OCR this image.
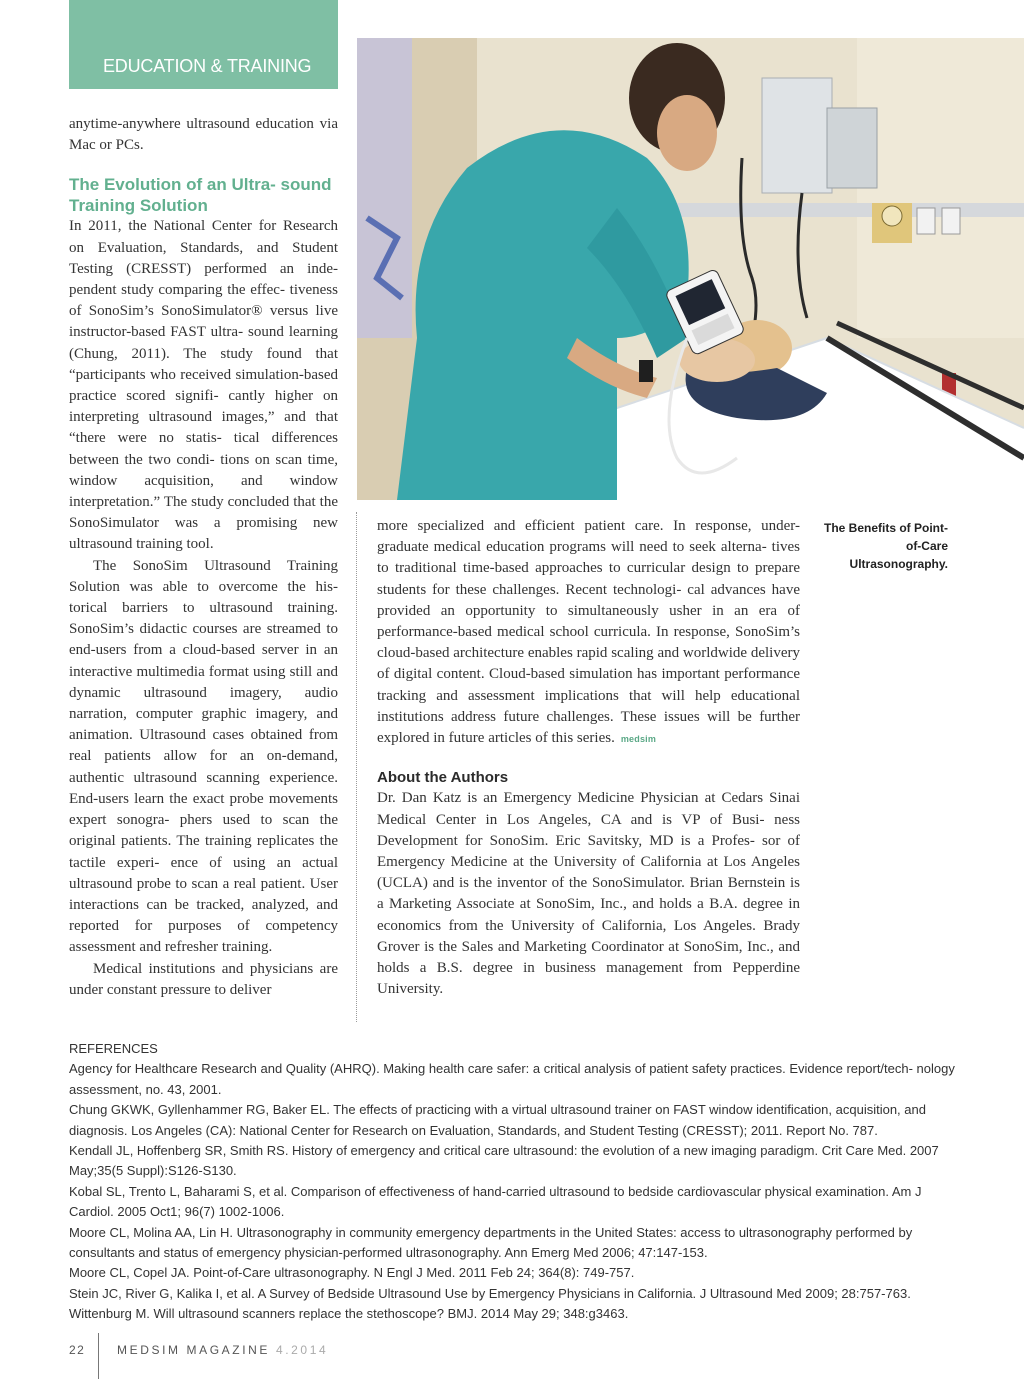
EDUCATION & TRAINING

anytime-anywhere ultrasound education via Mac or PCs.

The Evolution of an Ultra- sound Training Solution

In 2011, the National Center for Research on Evaluation, Standards, and Student Testing (CRESST) performed an inde- pendent study comparing the effec- tiveness of SonoSim’s SonoSimulator® versus live instructor-based FAST ultra- sound learning (Chung, 2011). The study found that “participants who received simulation-based practice scored signifi- cantly higher on interpreting ultrasound images,” and that “there were no statis- tical differences between the two condi- tions on scan time, window acquisition, and window interpretation.” The study concluded that the SonoSimulator was a promising new ultrasound training tool.

The SonoSim Ultrasound Training Solution was able to overcome the his- torical barriers to ultrasound training. SonoSim’s didactic courses are streamed to end-users from a cloud-based server in an interactive multimedia format using still and dynamic ultrasound imagery, audio narration, computer graphic imagery, and animation. Ultrasound cases obtained from real patients allow for an on-demand, authentic ultrasound scanning experience. End-users learn the exact probe movements expert sonogra- phers used to scan the original patients. The training replicates the tactile experi- ence of using an actual ultrasound probe to scan a real patient. User interactions can be tracked, analyzed, and reported for purposes of competency assessment and refresher training.

Medical institutions and physicians are under constant pressure to deliver

more specialized and efficient patient care. In response, under- graduate medical education programs will need to seek alterna- tives to traditional time-based approaches to curricular design to prepare students for these challenges. Recent technologi- cal advances have provided an opportunity to simultaneously usher in an era of performance-based medical school curricula. In response, SonoSim’s cloud-based architecture enables rapid scaling and worldwide delivery of digital content. Cloud-based simulation has important performance tracking and assessment implications that will help educational institutions address future challenges. These issues will be further explored in future articles of this series. medsim

About the Authors

Dr. Dan Katz is an Emergency Medicine Physician at Cedars Sinai Medical Center in Los Angeles, CA and is VP of Busi- ness Development for SonoSim. Eric Savitsky, MD is a Profes- sor of Emergency Medicine at the University of California at Los Angeles (UCLA) and is the inventor of the SonoSimulator. Brian Bernstein is a Marketing Associate at SonoSim, Inc., and holds a B.A. degree in economics from the University of California, Los Angeles. Brady Grover is the Sales and Marketing Coordinator at SonoSim, Inc., and holds a B.S. degree in business management from Pepperdine University.

The Benefits of Point-of-Care Ultrasonography.

REFERENCES

Agency for Healthcare Research and Quality (AHRQ). Making health care safer: a critical analysis of patient safety practices. Evidence report/tech- nology assessment, no. 43, 2001.

Chung GKWK, Gyllenhammer RG, Baker EL. The effects of practicing with a virtual ultrasound trainer on FAST window identification, acquisition, and diagnosis. Los Angeles (CA): National Center for Research on Evaluation, Standards, and Student Testing (CRESST); 2011. Report No. 787.

Kendall JL, Hoffenberg SR, Smith RS. History of emergency and critical care ultrasound: the evolution of a new imaging paradigm. Crit Care Med. 2007 May;35(5 Suppl):S126-S130.

Kobal SL, Trento L, Baharami S, et al. Comparison of effectiveness of hand-carried ultrasound to bedside cardiovascular physical examination. Am J Cardiol. 2005 Oct1; 96(7) 1002-1006.

Moore CL, Molina AA, Lin H. Ultrasonography in community emergency departments in the United States: access to ultrasonography performed by consultants and status of emergency physician-performed ultrasonography. Ann Emerg Med 2006; 47:147-153.

Moore CL, Copel JA. Point-of-Care ultrasonography. N Engl J Med. 2011 Feb 24; 364(8): 749-757.

Stein JC, River G, Kalika I, et al. A Survey of Bedside Ultrasound Use by Emergency Physicians in California. J Ultrasound Med 2009; 28:757-763.

Wittenburg M. Will ultrasound scanners replace the stethoscope? BMJ. 2014 May 29; 348:g3463.

22	MEDSIM MAGAZINE 4.2014
